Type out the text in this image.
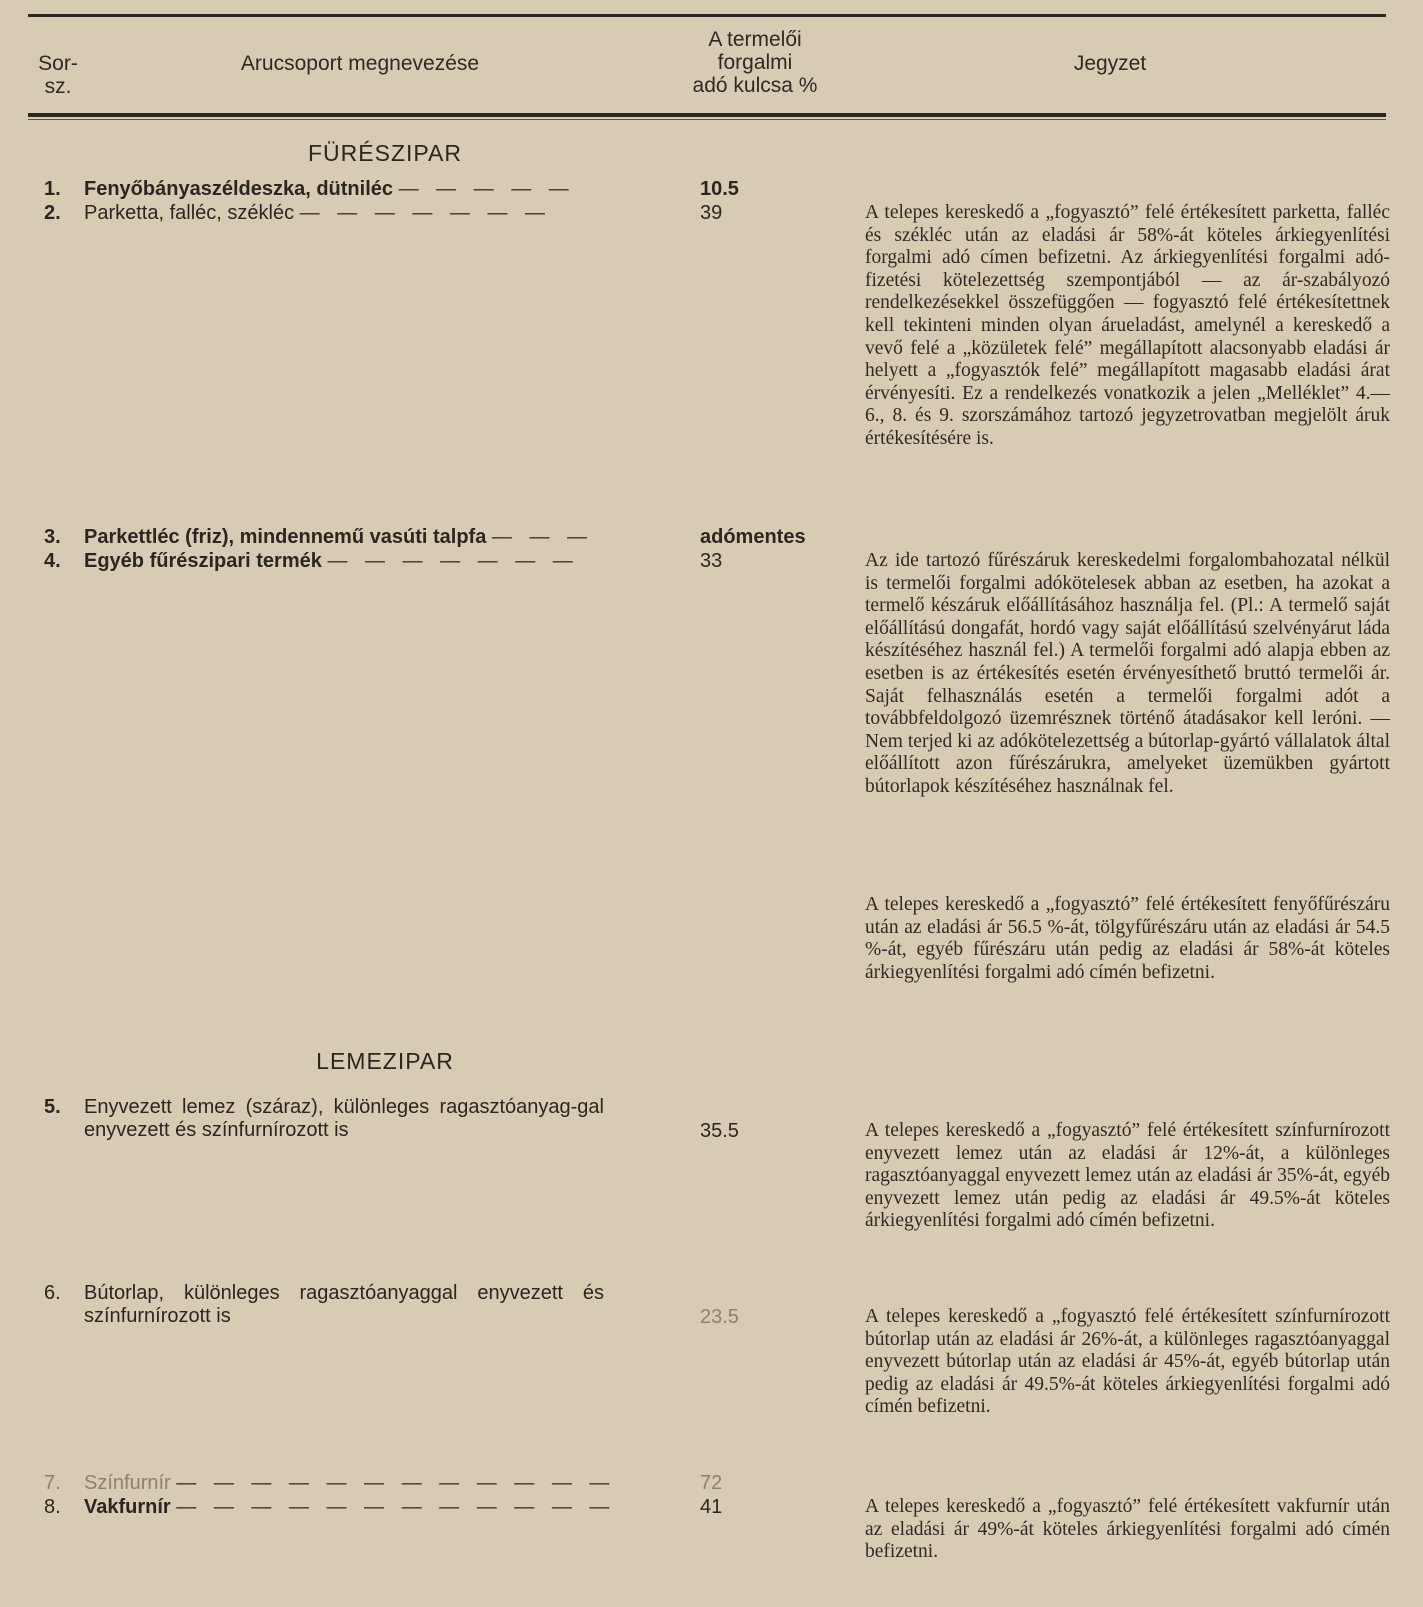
Sor-
sz.
Arucsoport megnevezése
A termelői
forgalmi
adó kulcsa %
Jegyzet
FÜRÉSZIPAR
1.	Fenyőbányaszéldeszka, dütniléc — — — — —	10.5
2.	Parketta, falléc, székléc — — — — — — —	39	A telepes kereskedő a „fogyasztó” felé értékesített parketta, falléc és székléc után az eladási ár 58%-át köteles árkiegyenlítési forgalmi adó címen befizetni. Az árkiegyenlítési forgalmi adó-fizetési kötelezettség szempontjából — az ár-szabályozó rendelkezésekkel összefüggően — fogyasztó felé értékesítettnek kell tekinteni minden olyan árueladást, amelynél a kereskedő a vevő felé a „közületek felé” megállapított alacsonyabb eladási ár helyett a „fogyasztók felé” megállapított magasabb eladási árat érvényesíti. Ez a rendelkezés vonatkozik a jelen „Melléklet” 4.—6., 8. és 9. szorszámához tartozó jegyzetrovatban megjelölt áruk értékesítésére is.
3.	Parkettléc (friz), mindennemű vasúti talpfa — — —	adómentes
4.	Egyéb fűrészipari termék — — — — — — —	33	Az ide tartozó fűrészáruk kereskedelmi forgalombahozatal nélkül is termelői forgalmi adókötelesek abban az esetben, ha azokat a termelő készáruk előállításához használja fel. (Pl.: A termelő saját előállítású dongafát, hordó vagy saját előállítású szelvényárut láda készítéséhez használ fel.) A termelői forgalmi adó alapja ebben az esetben is az értékesítés esetén érvényesíthető bruttó termelői ár. Saját felhasználás esetén a termelői forgalmi adót a továbbfeldolgozó üzemrésznek történő átadásakor kell leróni. — Nem terjed ki az adókötelezettség a bútorlap-gyártó vállalatok által előállított azon fűrészárukra, amelyeket üzemükben gyártott bútorlapok készítéséhez használnak fel.
A telepes kereskedő a „fogyasztó” felé értékesített fenyőfűrészáru után az eladási ár 56.5 %-át, tölgyfűrészáru után az eladási ár 54.5 %-át, egyéb fűrészáru után pedig az eladási ár 58%-át köteles árkiegyenlítési forgalmi adó címén befizetni.
LEMEZIPAR
5.	Enyvezett lemez (száraz), különleges ragasztóanyag-gal enyvezett és színfurnírozott is	35.5	A telepes kereskedő a „fogyasztó” felé értékesített színfurnírozott enyvezett lemez után az eladási ár 12%-át, a különleges ragasztóanyaggal enyvezett lemez után az eladási ár 35%-át, egyéb enyvezett lemez után pedig az eladási ár 49.5%-át köteles árkiegyenlítési forgalmi adó címén befizetni.
6.	Bútorlap, különleges ragasztóanyaggal enyvezett és színfurnírozott is	23.5	A telepes kereskedő a „fogyasztó felé értékesített színfurnírozott bútorlap után az eladási ár 26%-át, a különleges ragasztóanyaggal enyvezett bútorlap után az eladási ár 45%-át, egyéb bútorlap után pedig az eladási ár 49.5%-át köteles árkiegyenlítési forgalmi adó címén befizetni.
7.	Színfurnír — — — — — — — — — — — —	72
8.	Vakfurnír — — — — — — — — — — — —	41	A telepes kereskedő a „fogyasztó” felé értékesített vakfurnír után az eladási ár 49%-át köteles árkiegyenlítési forgalmi adó címén befizetni.
